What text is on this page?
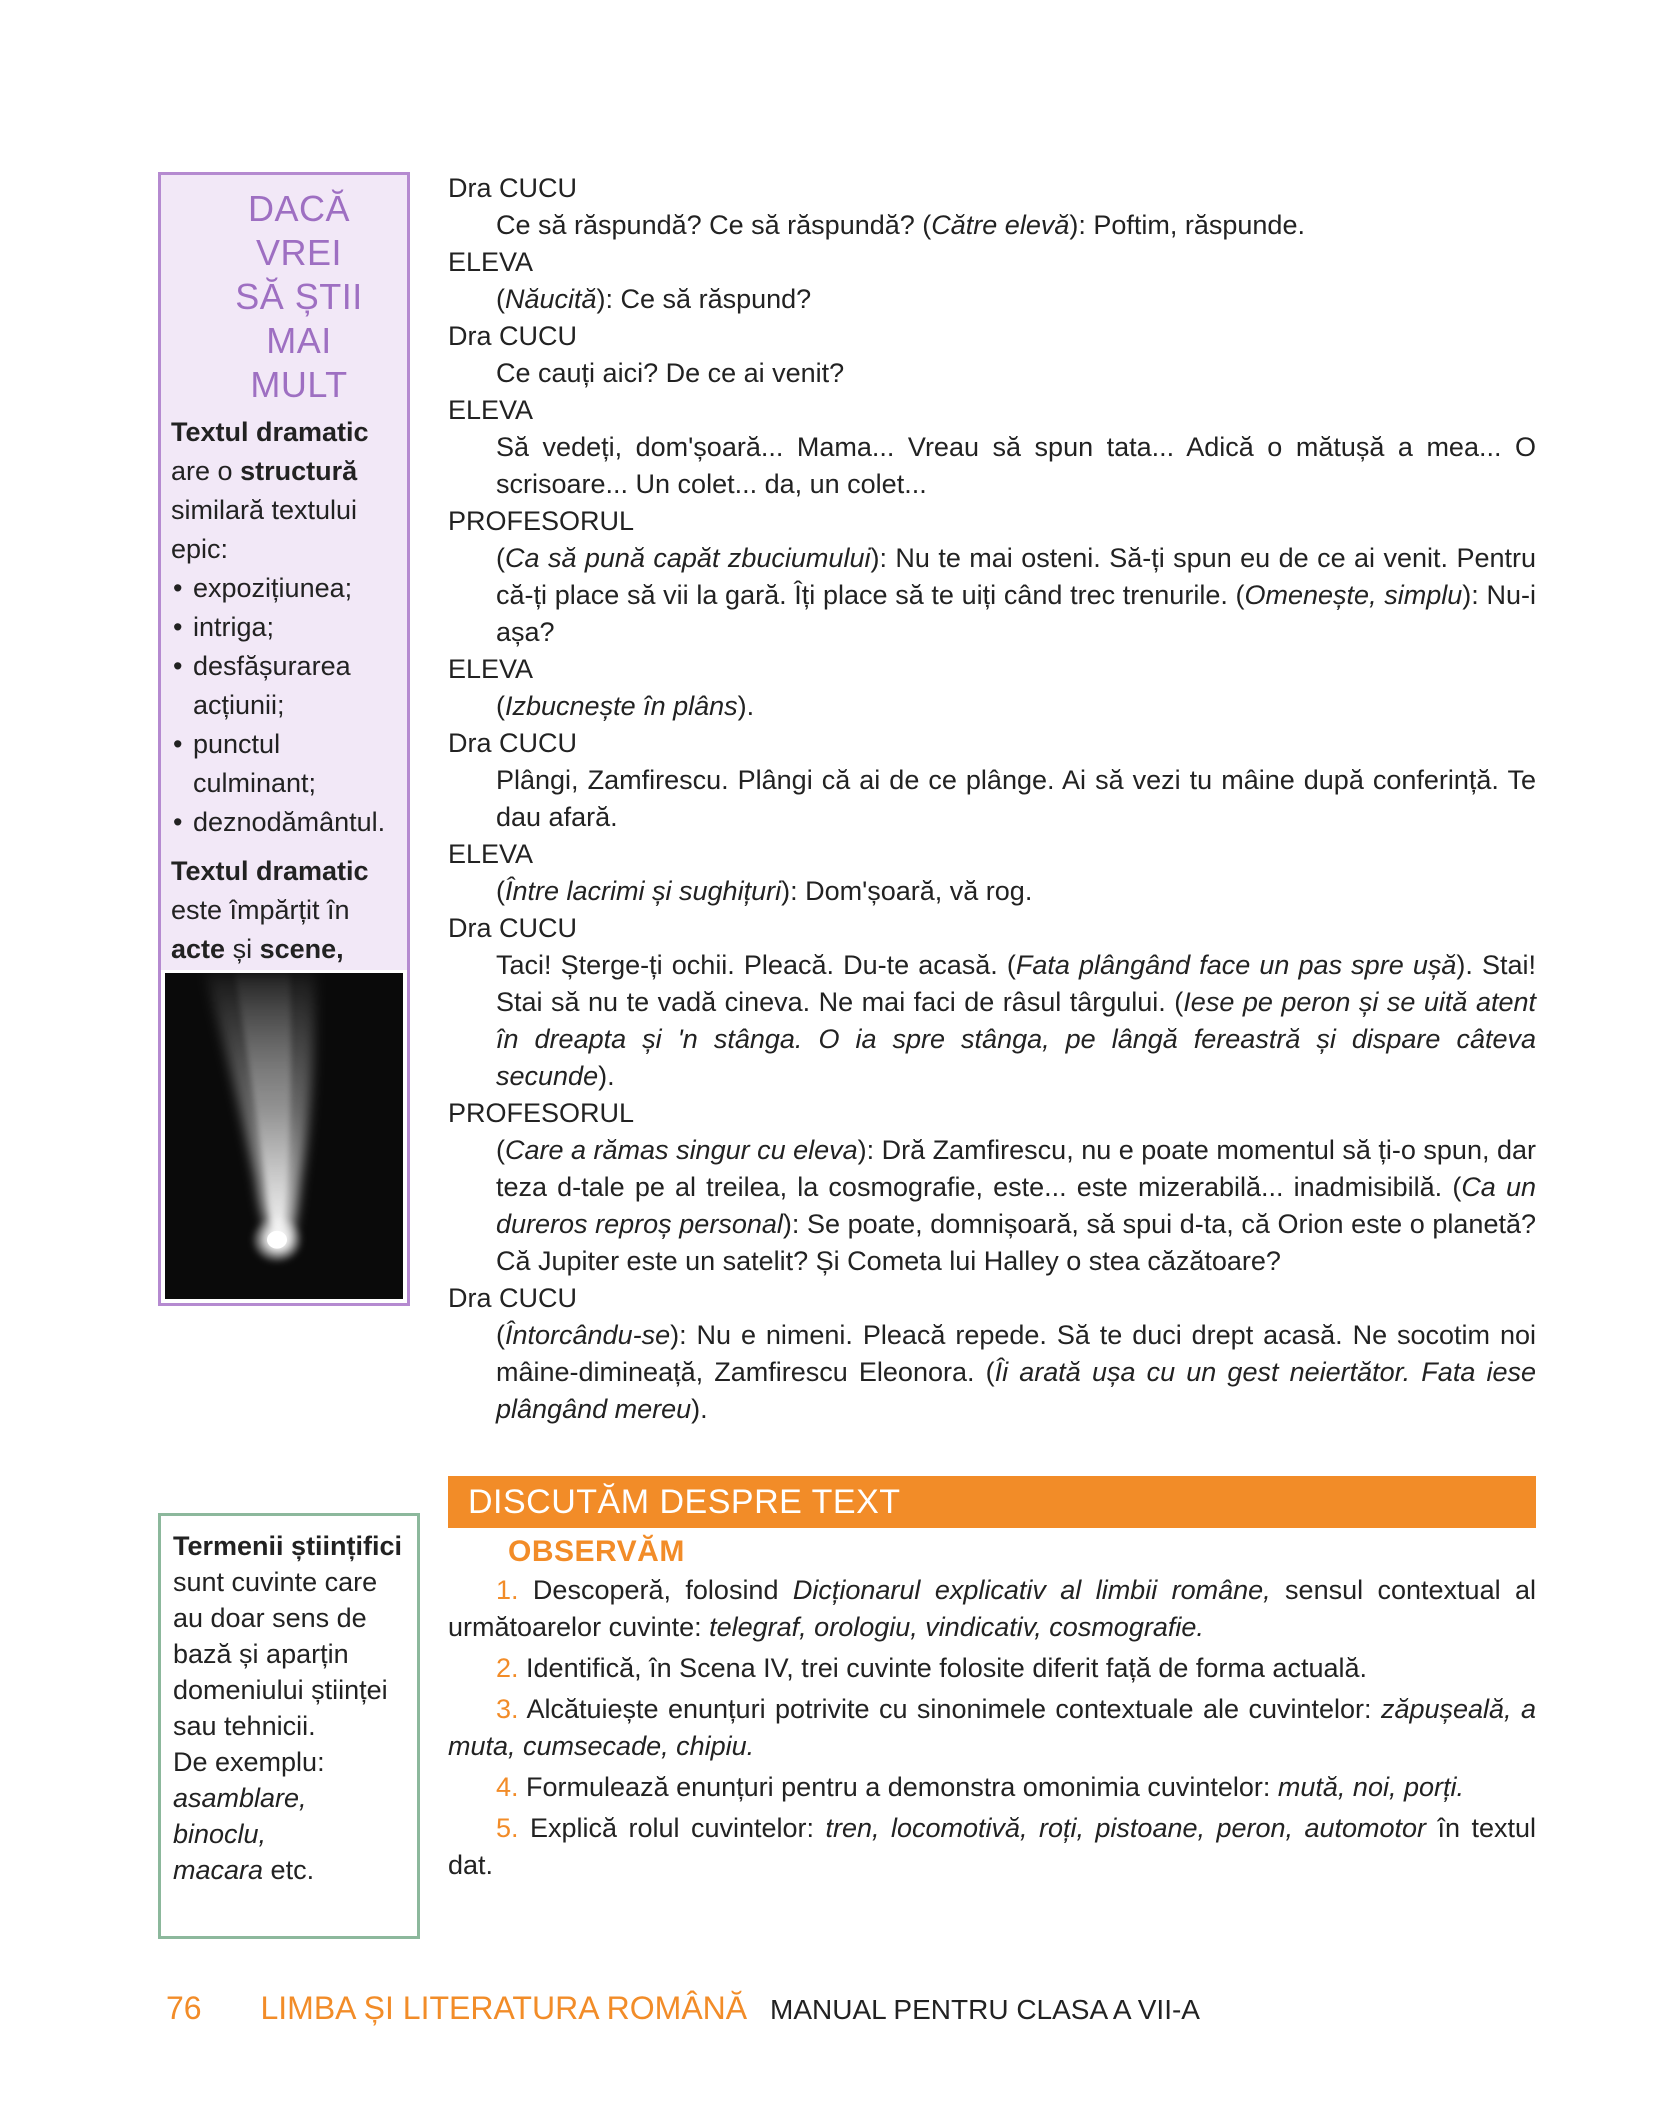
DACĂ VREI
SĂ ȘTII MAI
MULT
Textul dramatic are o structură similară textului epic:
• expozițiunea;
• intriga;
• desfășurarea acțiunii;
• punctul culminant;
• deznodământul.
Textul dramatic este împărțit în acte și scene,
Termenii științifici sunt cuvinte care au doar sens de bază și aparțin domeniului științei sau tehnicii.
De exemplu:
asamblare,
binoclu,
macara etc.
Dra CUCU
Ce să răspundă? Ce să răspundă? (Către elevă): Poftim, răspunde.
ELEVA
(Năucită): Ce să răspund?
Dra CUCU
Ce cauți aici? De ce ai venit?
ELEVA
Să vedeți, dom'șoară... Mama... Vreau să spun tata... Adică o mătușă a mea... O scrisoare... Un colet... da, un colet...
PROFESORUL
(Ca să pună capăt zbuciumului): Nu te mai osteni. Să-ți spun eu de ce ai venit. Pentru că-ți place să vii la gară. Îți place să te uiți când trec trenurile. (Omenește, simplu): Nu-i așa?
ELEVA
(Izbucnește în plâns).
Dra CUCU
Plângi, Zamfirescu. Plângi că ai de ce plânge. Ai să vezi tu mâine după conferință. Te dau afară.
ELEVA
(Între lacrimi și sughițuri): Dom'șoară, vă rog.
Dra CUCU
Taci! Șterge-ți ochii. Pleacă. Du-te acasă. (Fata plângând face un pas spre ușă). Stai! Stai să nu te vadă cineva. Ne mai faci de râsul târgului. (Iese pe peron și se uită atent în dreapta și 'n stânga. O ia spre stânga, pe lângă fereastră și dispare câteva secunde).
PROFESORUL
(Care a rămas singur cu eleva): Dră Zamfirescu, nu e poate momentul să ți-o spun, dar teza d-tale pe al treilea, la cosmografie, este... este mizerabilă... inadmisibilă. (Ca un dureros reproș personal): Se poate, domnișoară, să spui d-ta, că Orion este o planetă? Că Jupiter este un satelit? Și Cometa lui Halley o stea căzătoare?
Dra CUCU
(Întorcându-se): Nu e nimeni. Pleacă repede. Să te duci drept acasă. Ne socotim noi mâine-dimineață, Zamfirescu Eleonora. (Îi arată ușa cu un gest neiertător. Fata iese plângând mereu).
DISCUTĂM DESPRE TEXT
OBSERVĂM
1. Descoperă, folosind Dicționarul explicativ al limbii române, sensul contextual al următoarelor cuvinte: telegraf, orologiu, vindicativ, cosmografie.
2. Identifică, în Scena IV, trei cuvinte folosite diferit față de forma actuală.
3. Alcătuiește enunțuri potrivite cu sinonimele contextuale ale cuvintelor: zăpușeală, a muta, cumsecade, chipiu.
4. Formulează enunțuri pentru a demonstra omonimia cuvintelor: mută, noi, porți.
5. Explică rolul cuvintelor: tren, locomotivă, roți, pistoane, peron, automotor în textul dat.
76 LIMBA ȘI LITERATURA ROMÂNĂ MANUAL PENTRU CLASA A VII-A
